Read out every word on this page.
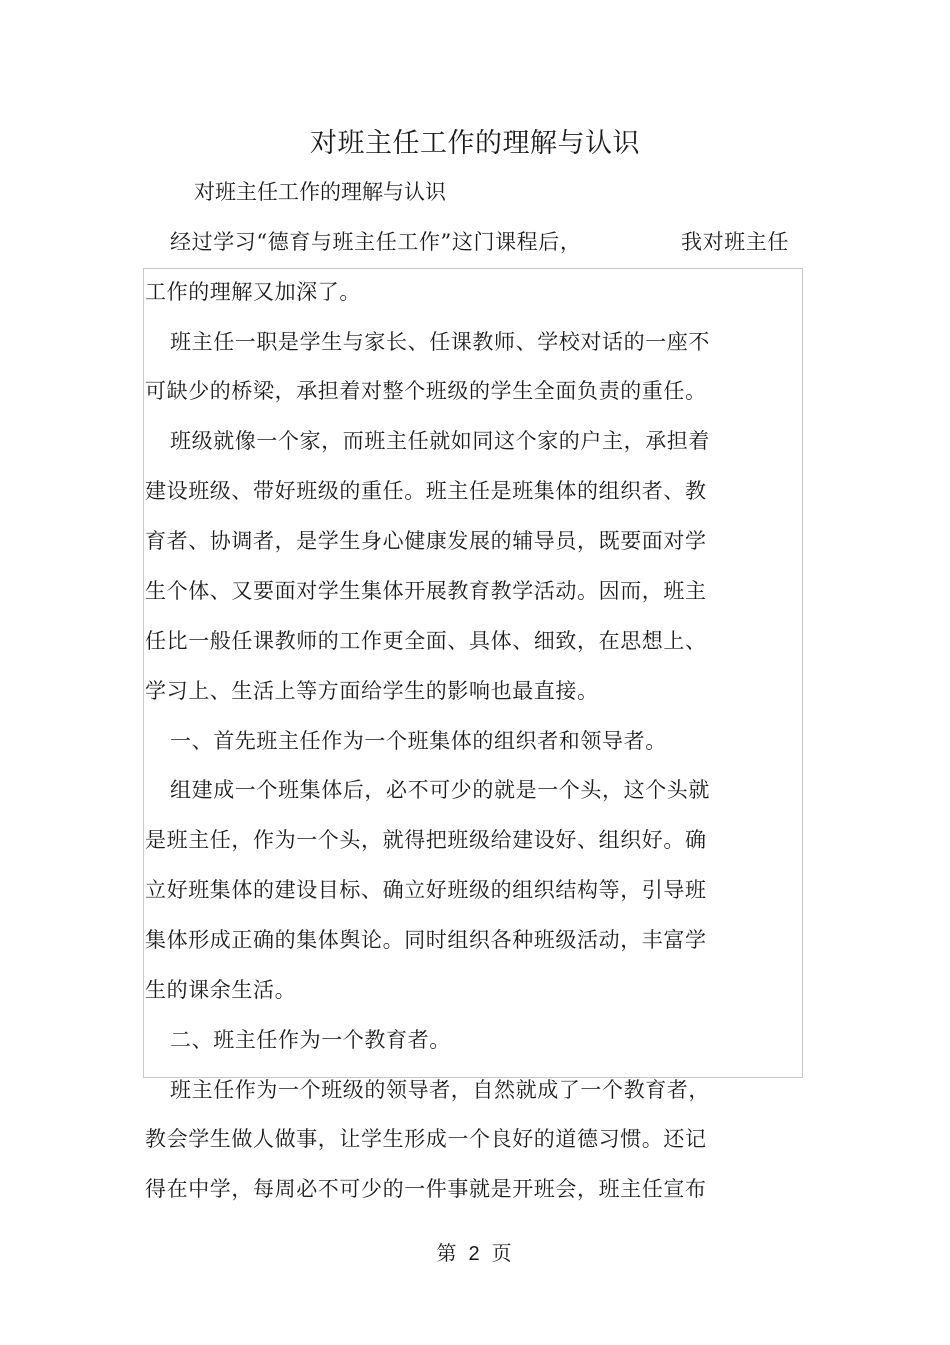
对班主任工作的理解与认识

对班主任工作的理解与认识

经过学习“德育与班主任工作”这门课程后，	我对班主任

工作的理解又加深了。

班主任一职是学生与家长、任课教师、学校对话的一座不

可缺少的桥梁，承担着对整个班级的学生全面负责的重任。

班级就像一个家，而班主任就如同这个家的户主，承担着

建设班级、带好班级的重任。班主任是班集体的组织者、教

育者、协调者，是学生身心健康发展的辅导员，既要面对学

生个体、又要面对学生集体开展教育教学活动。因而，班主

任比一般任课教师的工作更全面、具体、细致，在思想上、

学习上、生活上等方面给学生的影响也最直接。

一、首先班主任作为一个班集体的组织者和领导者。

组建成一个班集体后，必不可少的就是一个头，这个头就

是班主任，作为一个头，就得把班级给建设好、组织好。确

立好班集体的建设目标、确立好班级的组织结构等，引导班

集体形成正确的集体舆论。同时组织各种班级活动，丰富学

生的课余生活。

二、班主任作为一个教育者。

班主任作为一个班级的领导者，自然就成了一个教育者，

教会学生做人做事，让学生形成一个良好的道德习惯。还记

得在中学，每周必不可少的一件事就是开班会，班主任宣布

第 2 页
